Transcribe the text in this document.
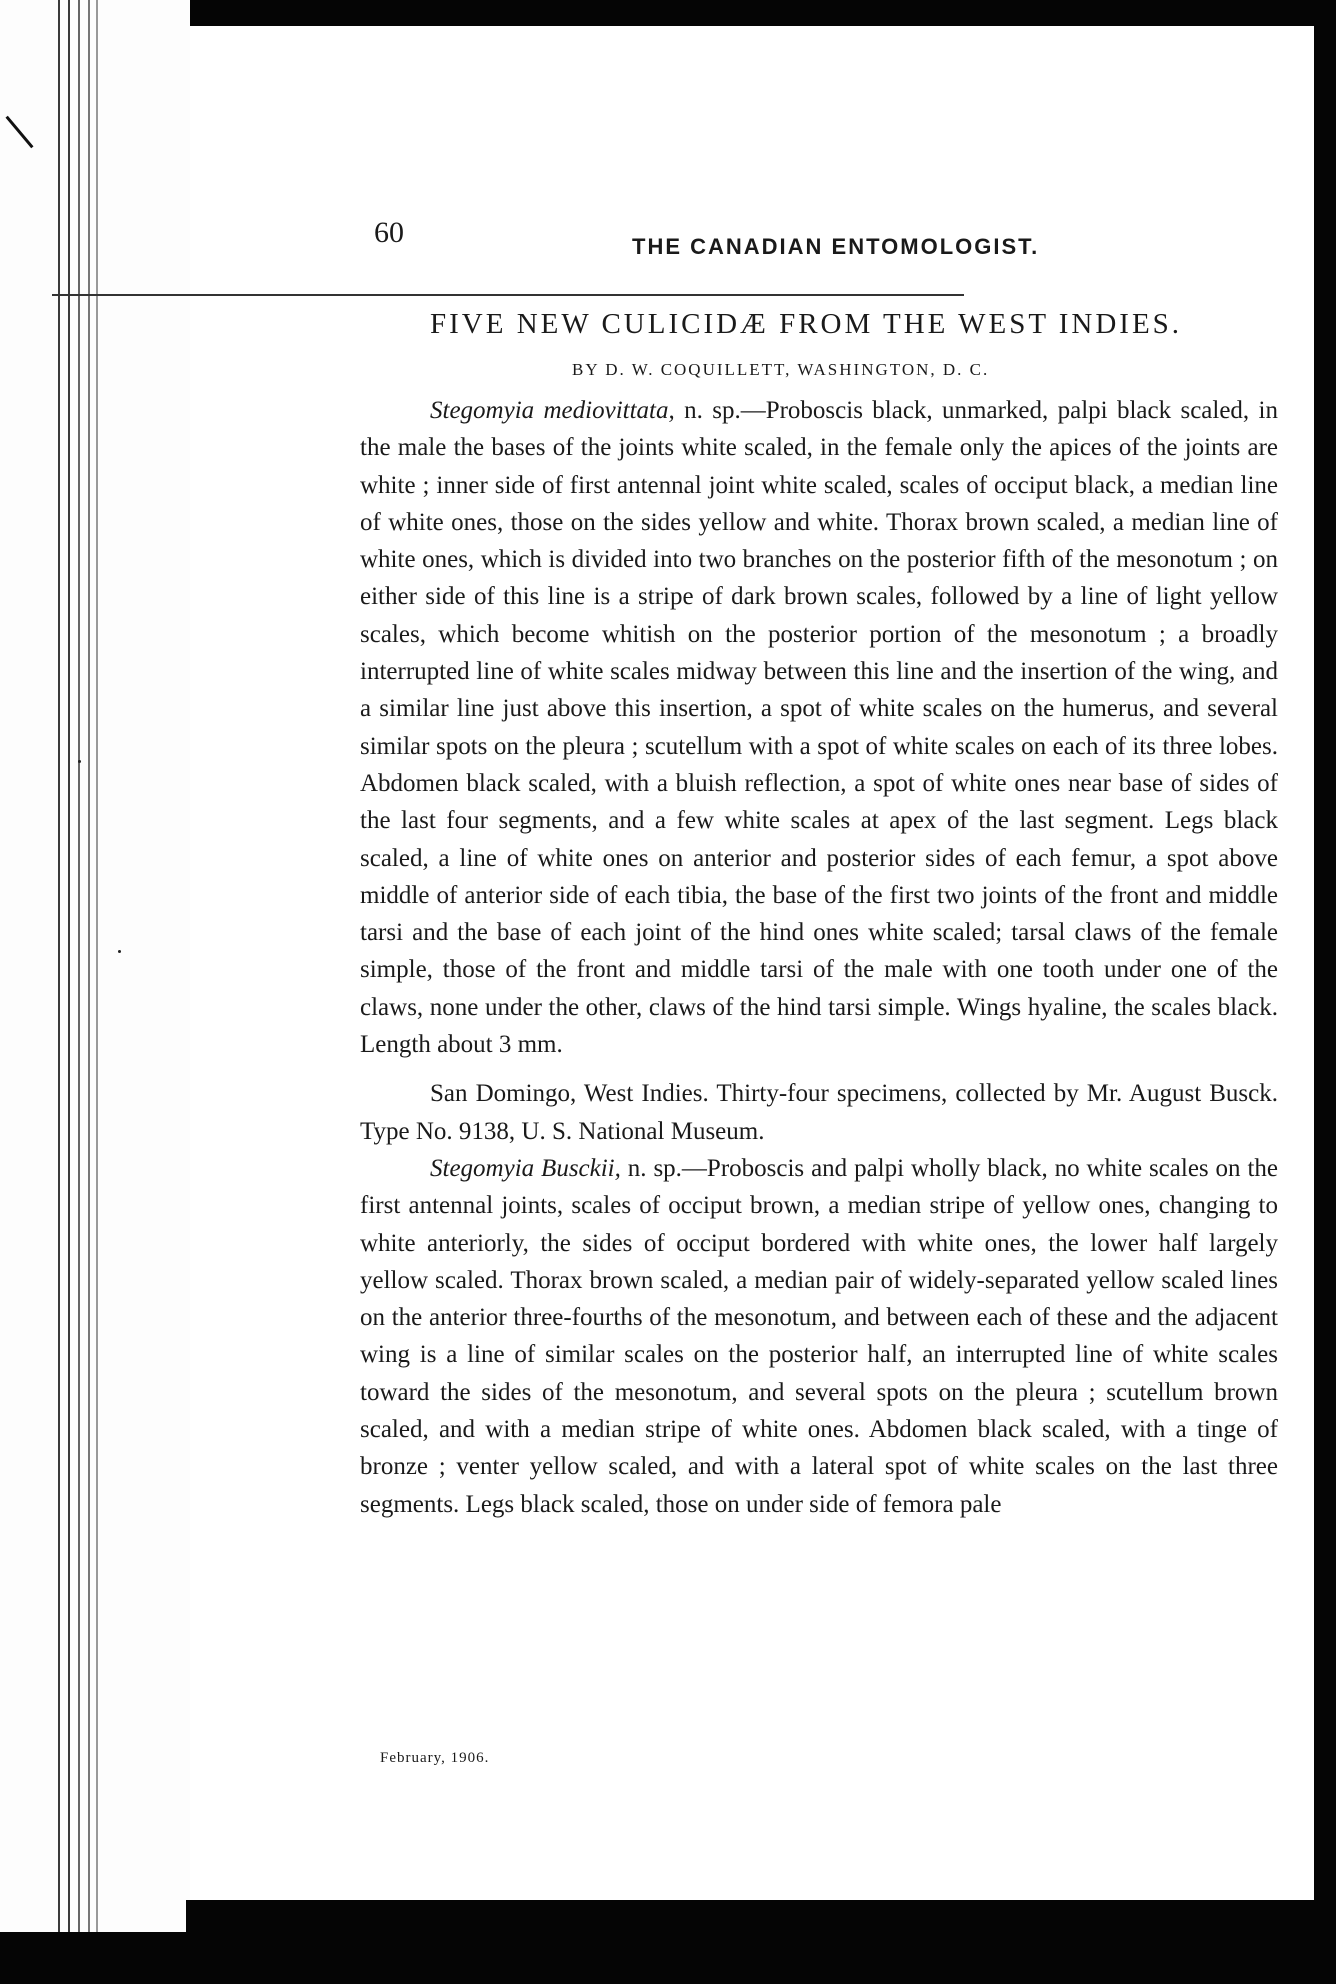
60	THE CANADIAN ENTOMOLOGIST.
FIVE NEW CULICIDÆ FROM THE WEST INDIES.
BY D. W. COQUILLETT, WASHINGTON, D. C.

Stegomyia mediovittata, n. sp.—Proboscis black, unmarked, palpi black scaled, in the male the bases of the joints white scaled, in the female only the apices of the joints are white ; inner side of first antennal joint white scaled, scales of occiput black, a median line of white ones, those on the sides yellow and white. Thorax brown scaled, a median line of white ones, which is divided into two branches on the posterior fifth of the mesonotum ; on either side of this line is a stripe of dark brown scales, followed by a line of light yellow scales, which become whitish on the posterior portion of the mesonotum ; a broadly interrupted line of white scales midway between this line and the insertion of the wing, and a similar line just above this insertion, a spot of white scales on the humerus, and several similar spots on the pleura ; scutellum with a spot of white scales on each of its three lobes. Abdomen black scaled, with a bluish reflection, a spot of white ones near base of sides of the last four segments, and a few white scales at apex of the last segment. Legs black scaled, a line of white ones on anterior and posterior sides of each femur, a spot above middle of anterior side of each tibia, the base of the first two joints of the front and middle tarsi and the base of each joint of the hind ones white scaled; tarsal claws of the female simple, those of the front and middle tarsi of the male with one tooth under one of the claws, none under the other, claws of the hind tarsi simple. Wings hyaline, the scales black. Length about 3 mm.

San Domingo, West Indies. Thirty-four specimens, collected by Mr. August Busck. Type No. 9138, U. S. National Museum.

Stegomyia Busckii, n. sp.—Proboscis and palpi wholly black, no white scales on the first antennal joints, scales of occiput brown, a median stripe of yellow ones, changing to white anteriorly, the sides of occiput bordered with white ones, the lower half largely yellow scaled. Thorax brown scaled, a median pair of widely-separated yellow scaled lines on the anterior three-fourths of the mesonotum, and between each of these and the adjacent wing is a line of similar scales on the posterior half, an interrupted line of white scales toward the sides of the mesonotum, and several spots on the pleura ; scutellum brown scaled, and with a median stripe of white ones. Abdomen black scaled, with a tinge of bronze ; venter yellow scaled, and with a lateral spot of white scales on the last three segments. Legs black scaled, those on under side of femora pale

February, 1906.
